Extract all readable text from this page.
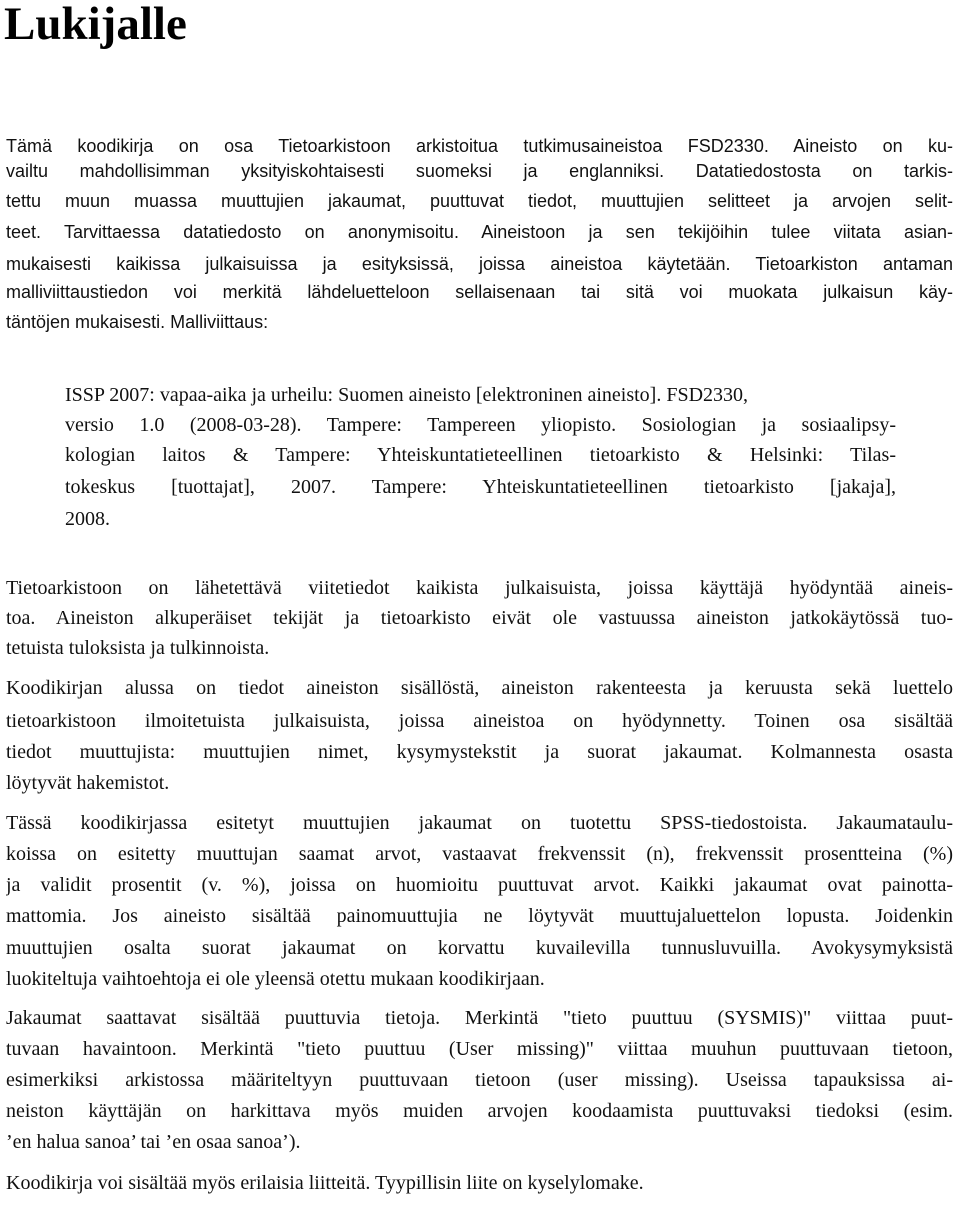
Lukijalle

Tämä koodikirja on osa Tietoarkistoon arkistoitua tutkimusaineistoa FSD2330. Aineisto on ku-

vailtu mahdollisimman yksityiskohtaisesti suomeksi ja englanniksi. Datatiedostosta on tarkis-

tettu muun muassa muuttujien jakaumat, puuttuvat tiedot, muuttujien selitteet ja arvojen selit-

teet. Tarvittaessa datatiedosto on anonymisoitu. Aineistoon ja sen tekijöihin tulee viitata asian-

mukaisesti kaikissa julkaisuissa ja esityksissä, joissa aineistoa käytetään. Tietoarkiston antaman

malliviittaustiedon voi merkitä lähdeluetteloon sellaisenaan tai sitä voi muokata julkaisun käy-

täntöjen mukaisesti. Malliviittaus:

ISSP 2007: vapaa-aika ja urheilu: Suomen aineisto [elektroninen aineisto]. FSD2330,

versio 1.0 (2008-03-28). Tampere: Tampereen yliopisto. Sosiologian ja sosiaalipsy-

kologian laitos & Tampere: Yhteiskuntatieteellinen tietoarkisto & Helsinki: Tilas-

tokeskus [tuottajat], 2007. Tampere: Yhteiskuntatieteellinen tietoarkisto [jakaja],

2008.

Tietoarkistoon on lähetettävä viitetiedot kaikista julkaisuista, joissa käyttäjä hyödyntää aineis-

toa. Aineiston alkuperäiset tekijät ja tietoarkisto eivät ole vastuussa aineiston jatkokäytössä tuo-

tetuista tuloksista ja tulkinnoista.

Koodikirjan alussa on tiedot aineiston sisällöstä, aineiston rakenteesta ja keruusta sekä luettelo

tietoarkistoon ilmoitetuista julkaisuista, joissa aineistoa on hyödynnetty. Toinen osa sisältää

tiedot muuttujista: muuttujien nimet, kysymystekstit ja suorat jakaumat. Kolmannesta osasta

löytyvät hakemistot.

Tässä koodikirjassa esitetyt muuttujien jakaumat on tuotettu SPSS-tiedostoista. Jakaumataulu-

koissa on esitetty muuttujan saamat arvot, vastaavat frekvenssit (n), frekvenssit prosentteina (%)

ja validit prosentit (v. %), joissa on huomioitu puuttuvat arvot. Kaikki jakaumat ovat painotta-

mattomia. Jos aineisto sisältää painomuuttujia ne löytyvät muuttujaluettelon lopusta. Joidenkin

muuttujien osalta suorat jakaumat on korvattu kuvailevilla tunnusluvuilla. Avokysymyksistä

luokiteltuja vaihtoehtoja ei ole yleensä otettu mukaan koodikirjaan.

Jakaumat saattavat sisältää puuttuvia tietoja. Merkintä "tieto puuttuu (SYSMIS)" viittaa puut-

tuvaan havaintoon. Merkintä "tieto puuttuu (User missing)" viittaa muuhun puuttuvaan tietoon,

esimerkiksi arkistossa määriteltyyn puuttuvaan tietoon (user missing). Useissa tapauksissa ai-

neiston käyttäjän on harkittava myös muiden arvojen koodaamista puuttuvaksi tiedoksi (esim.

’en halua sanoa’ tai ’en osaa sanoa’).

Koodikirja voi sisältää myös erilaisia liitteitä. Tyypillisin liite on kyselylomake.
